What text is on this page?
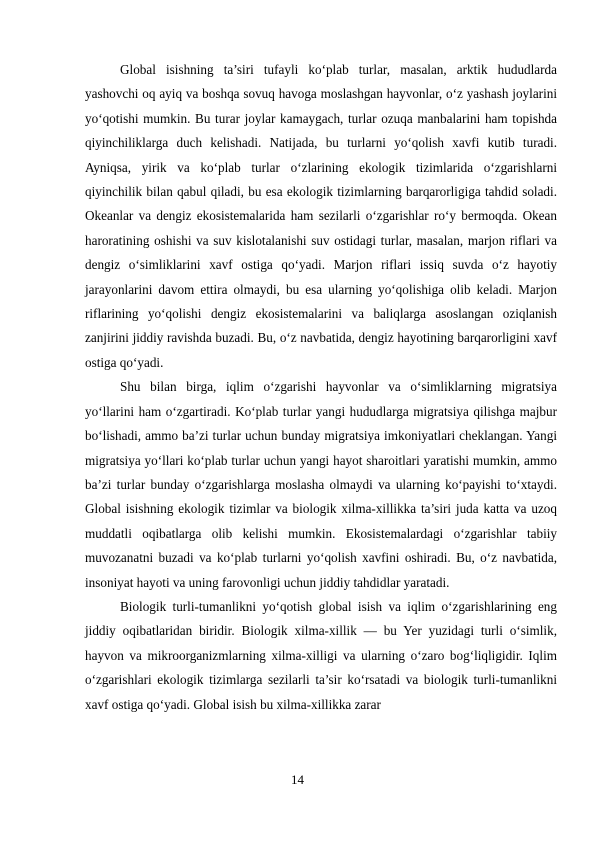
Global isishning ta’siri tufayli ko‘plab turlar, masalan, arktik hududlarda yashovchi oq ayiq va boshqa sovuq havoga moslashgan hayvonlar, o‘z yashash joylarini yo‘qotishi mumkin. Bu turar joylar kamaygach, turlar ozuqa manbalarini ham topishda qiyinchiliklarga duch kelishadi. Natijada, bu turlarni yo‘qolish xavfi kutib turadi. Ayniqsa, yirik va ko‘plab turlar o‘zlarining ekologik tizimlarida o‘zgarishlarni qiyinchilik bilan qabul qiladi, bu esa ekologik tizimlarning barqarorligiga tahdid soladi. Okeanlar va dengiz ekosistemalarida ham sezilarli o‘zgarishlar ro‘y bermoqda. Okean haroratining oshishi va suv kislotalanishi suv ostidagi turlar, masalan, marjon riflari va dengiz o‘simliklarini xavf ostiga qo‘yadi. Marjon riflari issiq suvda o‘z hayotiy jarayonlarini davom ettira olmaydi, bu esa ularning yo‘qolishiga olib keladi. Marjon riflarining yo‘qolishi dengiz ekosistemalarini va baliqlarga asoslangan oziqlanish zanjirini jiddiy ravishda buzadi. Bu, o‘z navbatida, dengiz hayotining barqarorligini xavf ostiga qo‘yadi.

Shu bilan birga, iqlim o‘zgarishi hayvonlar va o‘simliklarning migratsiya yo‘llarini ham o‘zgartiradi. Ko‘plab turlar yangi hududlarga migratsiya qilishga majbur bo‘lishadi, ammo ba’zi turlar uchun bunday migratsiya imkoniyatlari cheklangan. Yangi migratsiya yo‘llari ko‘plab turlar uchun yangi hayot sharoitlari yaratishi mumkin, ammo ba’zi turlar bunday o‘zgarishlarga moslasha olmaydi va ularning ko‘payishi to‘xtaydi. Global isishning ekologik tizimlar va biologik xilma-xillikka ta’siri juda katta va uzoq muddatli oqibatlarga olib kelishi mumkin. Ekosistemalardagi o‘zgarishlar tabiiy muvozanatni buzadi va ko‘plab turlarni yo‘qolish xavfini oshiradi. Bu, o‘z navbatida, insoniyat hayoti va uning farovonligi uchun jiddiy tahdidlar yaratadi.

Biologik turli-tumanlikni yo‘qotish global isish va iqlim o‘zgarishlarining eng jiddiy oqibatlaridan biridir. Biologik xilma-xillik — bu Yer yuzidagi turli o‘simlik, hayvon va mikroorganizmlarning xilma-xilligi va ularning o‘zaro bog‘liqligidir. Iqlim o‘zgarishlari ekologik tizimlarga sezilarli ta’sir ko‘rsatadi va biologik turli-tumanlikni xavf ostiga qo‘yadi. Global isish bu xilma-xillikka zarar

14
